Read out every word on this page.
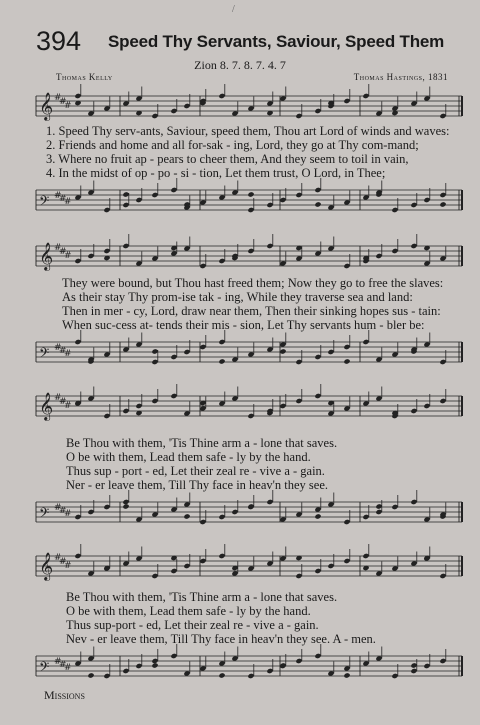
/
394 Speed Thy Servants, Saviour, Speed Them
Zion 8. 7. 8. 7. 4. 7
Thomas Kelly	Thomas Hastings, 1831
𝄞 #
#
#
1. Speed Thy serv-ants, Saviour, speed them, Thou art Lord of winds and waves:
2. Friends and home and all for-sak - ing, Lord, they go at Thy com-mand;
3. Where no fruit ap - pears to cheer them, And they seem to toil in vain,
4. In the midst of op - po - si - tion, Let them trust, O Lord, in Thee;
𝄢 #
#
#
𝄞 #
#
#
They were bound, but Thou hast freed them; Now they go to free the slaves:
As their stay Thy prom-ise tak - ing, While they traverse sea and land:
Then in mer - cy, Lord, draw near them, Then their sinking hopes sus - tain:
When suc-cess at- tends their mis - sion, Let Thy servants hum - bler be:
𝄢 #
#
#
𝄞 #
#
#
Be Thou with them, 'Tis Thine arm a - lone that saves.
O be with them, Lead them safe - ly by the hand.
Thus sup - port - ed, Let their zeal re - vive a - gain.
Ner - er leave them, Till Thy face in heav'n they see.
𝄢 #
#
#
𝄞 #
#
#
Be Thou with them, 'Tis Thine arm a - lone that saves.
O be with them, Lead them safe - ly by the hand.
Thus sup-port - ed, Let their zeal re - vive a - gain.
Nev - er leave them, Till Thy face in heav'n they see. A - men.
𝄢 #
#
#
Missions
